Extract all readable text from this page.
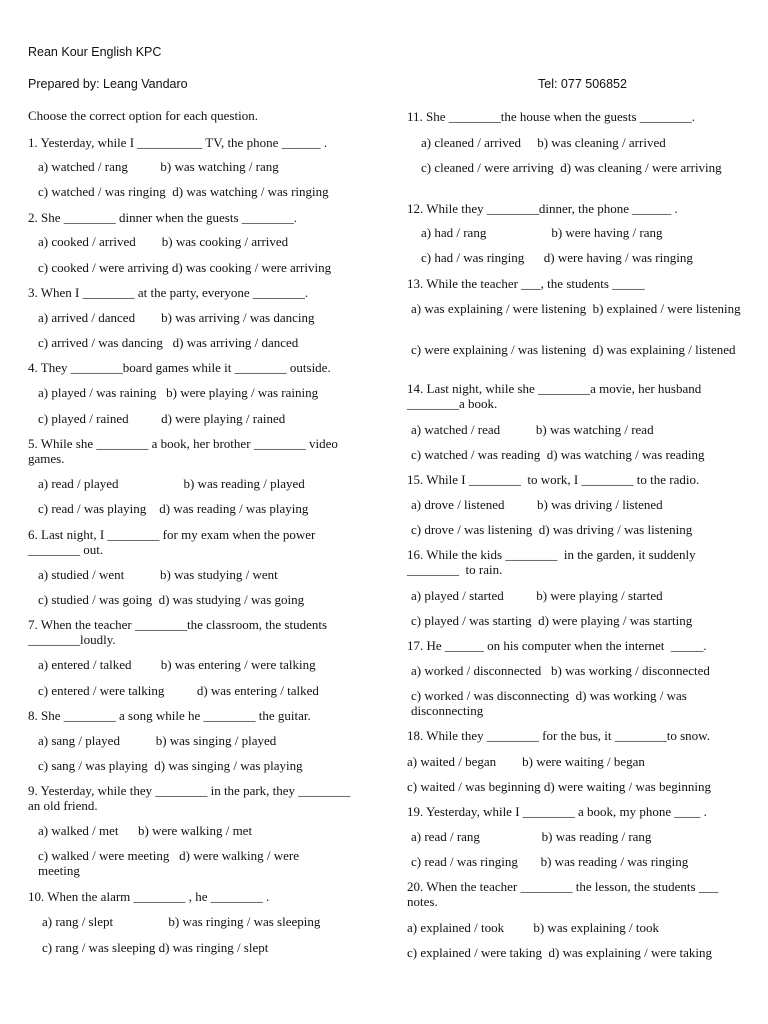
Rean Kour English KPC
Prepared by: Leang Vandaro	Tel: 077 506852
Choose the correct option for each question.
1. Yesterday, while I __________ TV, the phone ______ .
a) watched / rang          b) was watching / rang
c) watched / was ringing  d) was watching / was ringing
2. She ________ dinner when the guests ________.
a) cooked / arrived        b) was cooking / arrived
c) cooked / were arriving d) was cooking / were arriving
3. When I ________ at the party, everyone ________.
a) arrived / danced        b) was arriving / was dancing
c) arrived / was dancing   d) was arriving / danced
4. They ________board games while it ________ outside.
a) played / was raining   b) were playing / was raining
c) played / rained          d) were playing / rained
5. While she ________ a book, her brother ________ video games.
a) read / played                    b) was reading / played
c) read / was playing    d) was reading / was playing
6. Last night, I ________ for my exam when the power ________ out.
a) studied / went           b) was studying / went
c) studied / was going  d) was studying / was going
7. When the teacher ________the classroom, the students ________loudly.
a) entered / talked         b) was entering / were talking
c) entered / were talking          d) was entering / talked
8. She ________ a song while he ________ the guitar.
a) sang / played           b) was singing / played
c) sang / was playing  d) was singing / was playing
9. Yesterday, while they ________ in the park, they ________ an old friend.
a) walked / met      b) were walking / met
c) walked / were meeting   d) were walking / were meeting
10. When the alarm ________ , he ________ .
a) rang / slept                 b) was ringing / was sleeping
c) rang / was sleeping d) was ringing / slept
11. She ________the house when the guests ________.
a) cleaned / arrived     b) was cleaning / arrived
c) cleaned / were arriving  d) was cleaning / were arriving
12. While they ________dinner, the phone ______ .
a) had / rang                    b) were having / rang
c) had / was ringing      d) were having / was ringing
13. While the teacher ___, the students _____
a) was explaining / were listening  b) explained / were listening
c) were explaining / was listening  d) was explaining / listened
14. Last night, while she ________a movie, her husband ________a book.
a) watched / read           b) was watching / read
c) watched / was reading  d) was watching / was reading
15. While I ________  to work, I ________ to the radio.
a) drove / listened          b) was driving / listened
c) drove / was listening  d) was driving / was listening
16. While the kids ________  in the garden, it suddenly ________  to rain.
a) played / started          b) were playing / started
c) played / was starting  d) were playing / was starting
17. He ______ on his computer when the internet  _____.
a) worked / disconnected   b) was working / disconnected
c) worked / was disconnecting  d) was working / was disconnecting
18. While they ________ for the bus, it ________to snow.
a) waited / began        b) were waiting / began
c) waited / was beginning d) were waiting / was beginning
19. Yesterday, while I ________ a book, my phone ____ .
a) read / rang                   b) was reading / rang
c) read / was ringing       b) was reading / was ringing
20. When the teacher ________ the lesson, the students ___  notes.
a) explained / took         b) was explaining / took
c) explained / were taking  d) was explaining / were taking
